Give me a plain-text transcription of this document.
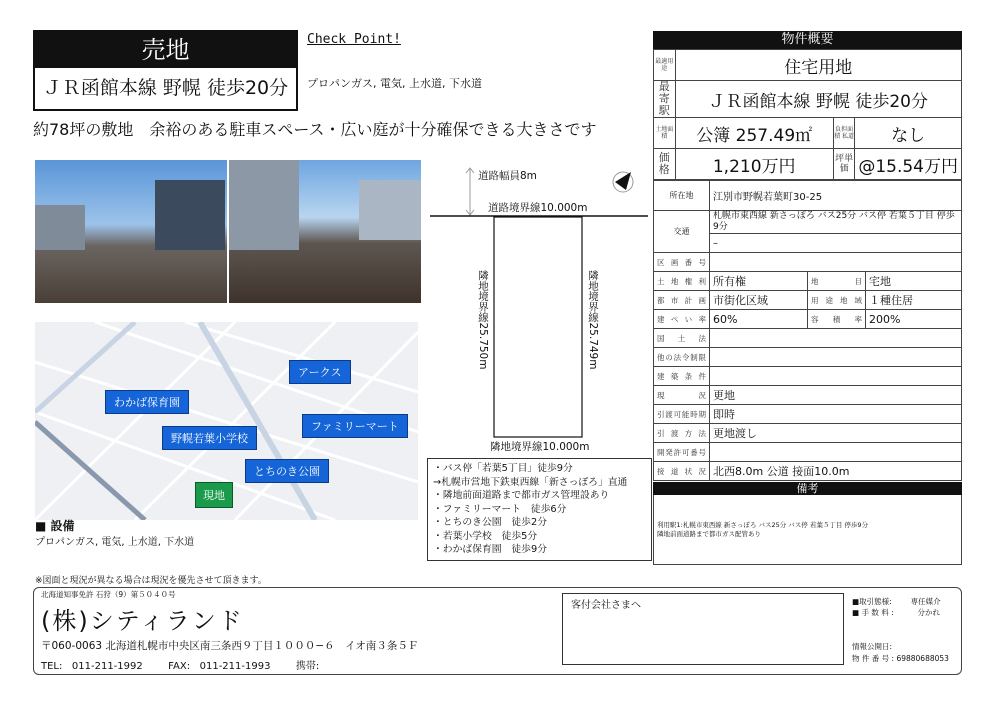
売地
ＪＲ函館本線 野幌 徒歩20分
Check Point!
プロパンガス, 電気, 上水道, 下水道
約78坪の敷地　余裕のある駐車スペース・広い庭が十分確保できる大きさです
アークス
わかば保育園
ファミリーマート
野幌若葉小学校
とちのき公園
現地
■ 設備
プロパンガス, 電気, 上水道, 下水道
道路幅員8m
道路境界線10.000m
隣地境界線25.750m	隣地境界線25.749m
隣地境界線10.000m
・バス停「若葉5丁目」徒歩9分
→札幌市営地下鉄東西線「新さっぽろ」直通
・隣地前面道路まで都市ガス管埋設あり
・ファミリーマート　徒歩6分
・とちのき公園　徒歩2分
・若葉小学校　徒歩5分
・わかば保育園　徒歩9分
物件概要
最適用途	住宅用地		
最寄駅	ＪＲ函館本線 野幌 徒歩20分		
土地面積	公簿 257.49㎡	負担面積 私道	なし
価格	1,210万円	坪単価	@15.54万円
所在地	江別市野幌若葉町30-25		
交通	札幌市東西線 新さっぽろ バス25分 バス停 若葉５丁目 停歩9分		
	–		
区画番号			
土地権利	所有権	地目	宅地
都市計画	市街化区域	用途地域	１種住居
建ぺい率	60%	容積率	200%
国土法			
他の法令制限			
建築条件			
現況	更地		
引渡可能時期	即時		
引渡方法	更地渡し		
開発許可番号			
接道状況	北西8.0m 公道 接面10.0m		
利用駅1:札幌市東西線 新さっぽろ バス25分 バス停 若葉５丁目 停歩9分
隣地前面道路まで都市ガス配管あり
備考
※図面と現況が異なる場合は現況を優先させて頂きます。
北海道知事免許 石狩（9）第５０４０号
(株)シティランド
〒060-0063 北海道札幌市中央区南三条西９丁目１０００−６　イオ南３条５Ｆ
TEL:   011-211-1992        FAX:   011-211-1993        携帯:
客付会社さまへ	■取引態様:        専任媒介
■ 手 数 料 :          分かれ
情報公開日:
物 件 番 号 : 69880688053
